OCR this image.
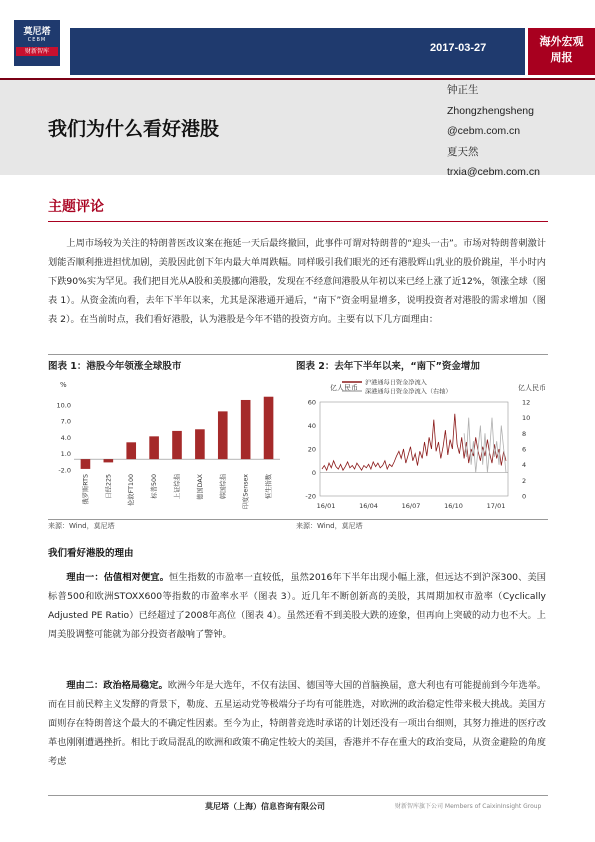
莫尼塔
CEBM
财新智库	2017-03-27	海外宏观
周报
我们为什么看好港股
钟正生
Zhongzhengsheng
@cebm.com.cn
夏天然
trxia@cebm.com.cn
主题评论
上周市场较为关注的特朗普医改议案在拖延一天后最终撤回，此事件可谓对特朗普的“迎头一击”。市场对特朗普刺激计划能否顺利推进担忧加剧，美股因此创下年内最大单周跌幅。同样吸引我们眼光的还有港股辉山乳业的股价跳崖，半小时内下跌90%实为罕见。我们把目光从A股和美股挪向港股，发现在不经意间港股从年初以来已经上涨了近12%，领涨全球（图表 1）。从资金流向看，去年下半年以来，尤其是深港通开通后，“南下”资金明显增多，说明投资者对港股的需求增加（图表 2）。在当前时点，我们看好港股，认为港股是今年不错的投资方向。主要有以下几方面理由：
图表 1：港股今年领涨全球股市	图表 2：去年下半年以来，“南下”资金增加
%
10.0
7.0
4.0
1.0
-2.0
俄罗斯RTS	日经225	伦敦FT100	标普500	上证综指	德国DAX	韩国综指	印度Sensex	恒生指数
亿人民币	亿人民币
60
40
20
0
-20
12
10
8
6
4
2
0
16/01	16/04	16/07	16/10	17/01
沪港通每日资金净流入
深港通每日资金净流入（右轴）
来源：Wind，莫尼塔	来源：Wind，莫尼塔
我们看好港股的理由
理由一：估值相对便宜。恒生指数的市盈率一直较低，虽然2016年下半年出现小幅上涨，但远达不到沪深300、美国标普500和欧洲STOXX600等指数的市盈率水平（图表 3）。近几年不断创新高的美股，其周期加权市盈率（Cyclically Adjusted PE Ratio）已经超过了2008年高位（图表 4）。虽然还看不到美股大跌的迹象，但再向上突破的动力也不大。上周美股调整可能就为部分投资者敲响了警钟。
理由二：政治格局稳定。欧洲今年是大选年，不仅有法国、德国等大国的首脑换届，意大利也有可能提前到今年选举。而在目前民粹主义发酵的背景下，勒庞、五星运动党等极端分子均有可能胜选，对欧洲的政治稳定性带来极大挑战。美国方面则存在特朗普这个最大的不确定性因素。至今为止，特朗普竞选时承诺的计划还没有一项出台细则，其努力推进的医疗改革也刚刚遭遇挫折。相比于政局混乱的欧洲和政策不确定性较大的美国，香港并不存在重大的政治变局，从资金避险的角度考虑
莫尼塔（上海）信息咨询有限公司	财新智库旗下公司 Members of CaixinInsight Group
